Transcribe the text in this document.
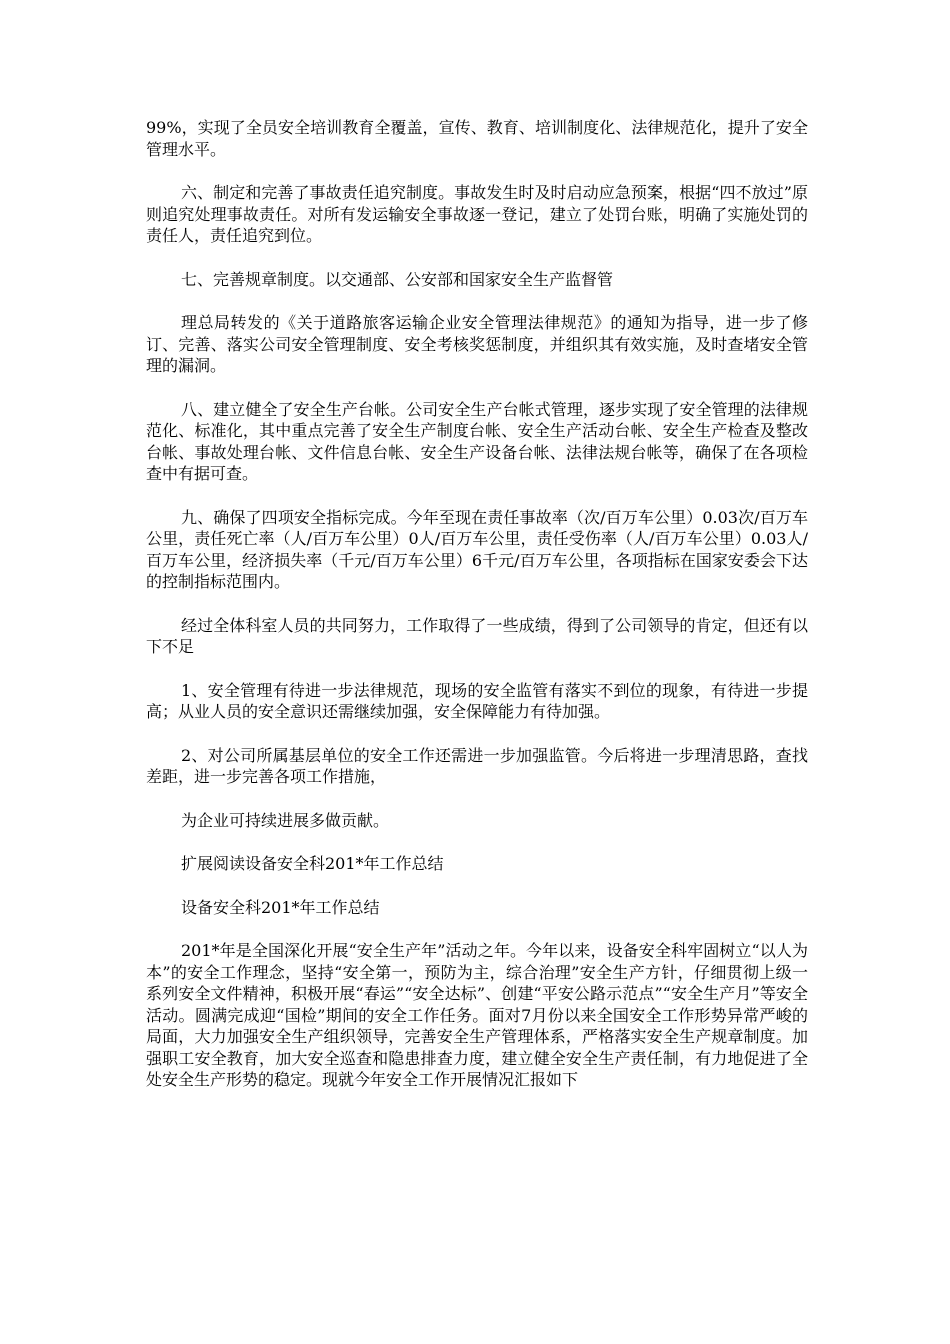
99%，实现了全员安全培训教育全覆盖，宣传、教育、培训制度化、法律规范化，提升了安全管理水平。

六、制定和完善了事故责任追究制度。事故发生时及时启动应急预案，根据“四不放过”原则追究处理事故责任。对所有发运输安全事故逐一登记，建立了处罚台账，明确了实施处罚的责任人，责任追究到位。

七、完善规章制度。以交通部、公安部和国家安全生产监督管

理总局转发的《关于道路旅客运输企业安全管理法律规范》的通知为指导，进一步了修订、完善、落实公司安全管理制度、安全考核奖惩制度，并组织其有效实施，及时查堵安全管理的漏洞。

八、建立健全了安全生产台帐。公司安全生产台帐式管理，逐步实现了安全管理的法律规范化、标准化，其中重点完善了安全生产制度台帐、安全生产活动台帐、安全生产检查及整改台帐、事故处理台帐、文件信息台帐、安全生产设备台帐、法律法规台帐等，确保了在各项检查中有据可查。

九、确保了四项安全指标完成。今年至现在责任事故率（次/百万车公里）0.03次/百万车公里，责任死亡率（人/百万车公里）0人/百万车公里，责任受伤率（人/百万车公里）0.03人/百万车公里，经济损失率（千元/百万车公里）6千元/百万车公里，各项指标在国家安委会下达的控制指标范围内。

经过全体科室人员的共同努力，工作取得了一些成绩，得到了公司领导的肯定，但还有以下不足

1、安全管理有待进一步法律规范，现场的安全监管有落实不到位的现象，有待进一步提高；从业人员的安全意识还需继续加强，安全保障能力有待加强。

2、对公司所属基层单位的安全工作还需进一步加强监管。今后将进一步理清思路，查找差距，进一步完善各项工作措施，

为企业可持续进展多做贡献。

扩展阅读设备安全科201*年工作总结

设备安全科201*年工作总结

201*年是全国深化开展“安全生产年”活动之年。今年以来，设备安全科牢固树立“以人为本”的安全工作理念，坚持“安全第一，预防为主，综合治理”安全生产方针，仔细贯彻上级一系列安全文件精神，积极开展“春运”“安全达标”、创建“平安公路示范点”“安全生产月”等安全活动。圆满完成迎“国检”期间的安全工作任务。面对7月份以来全国安全工作形势异常严峻的局面，大力加强安全生产组织领导，完善安全生产管理体系，严格落实安全生产规章制度。加强职工安全教育，加大安全巡查和隐患排查力度，建立健全安全生产责任制，有力地促进了全处安全生产形势的稳定。现就今年安全工作开展情况汇报如下
